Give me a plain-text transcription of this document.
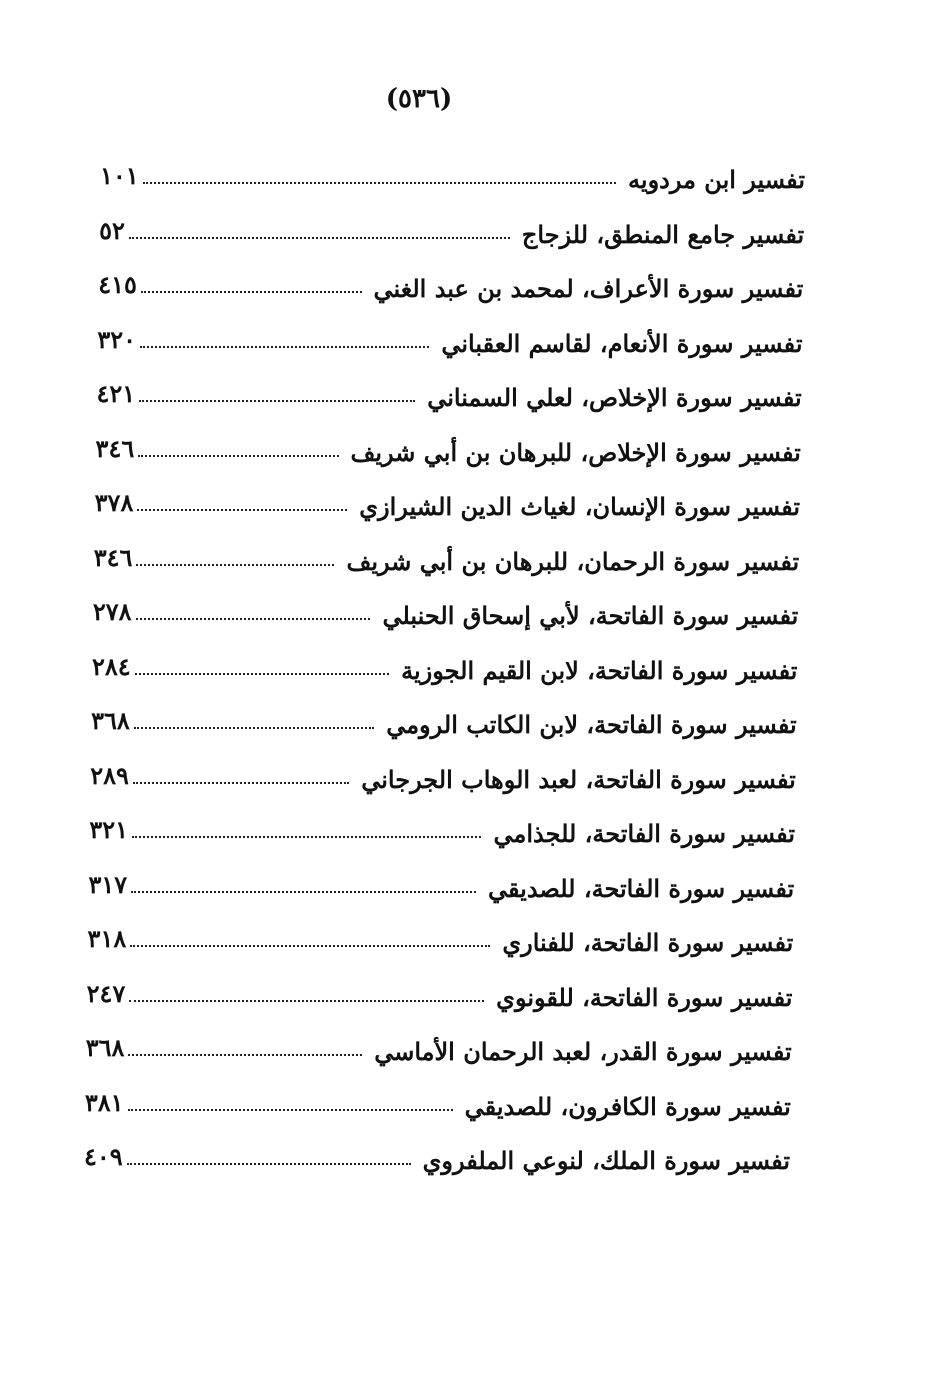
(٥٣٦)
تفسير ابن مردويه
١٠١
تفسير جامع المنطق، للزجاج
٥٢
تفسير سورة الأعراف، لمحمد بن عبد الغني
٤١٥
تفسير سورة الأنعام، لقاسم العقباني
٣٢٠
تفسير سورة الإخلاص، لعلي السمناني
٤٢١
تفسير سورة الإخلاص، للبرهان بن أبي شريف
٣٤٦
تفسير سورة الإنسان، لغياث الدين الشيرازي
٣٧٨
تفسير سورة الرحمان، للبرهان بن أبي شريف
٣٤٦
تفسير سورة الفاتحة، لأبي إسحاق الحنبلي
٢٧٨
تفسير سورة الفاتحة، لابن القيم الجوزية
٢٨٤
تفسير سورة الفاتحة، لابن الكاتب الرومي
٣٦٨
تفسير سورة الفاتحة، لعبد الوهاب الجرجاني
٢٨٩
تفسير سورة الفاتحة، للجذامي
٣٢١
تفسير سورة الفاتحة، للصديقي
٣١٧
تفسير سورة الفاتحة، للفناري
٣١٨
تفسير سورة الفاتحة، للقونوي
٢٤٧
تفسير سورة القدر، لعبد الرحمان الأماسي
٣٦٨
تفسير سورة الكافرون، للصديقي
٣٨١
تفسير سورة الملك، لنوعي الملفروي
٤٠٩
